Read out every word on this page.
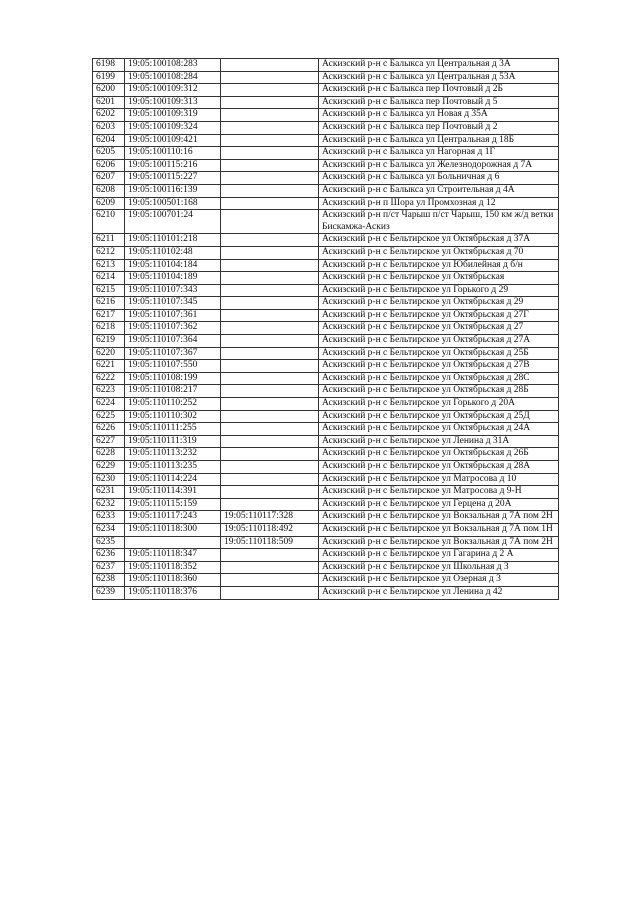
6198	19:05:100108:283		Аскизский р-н с Балыкса ул Центральная д 3А
6199	19:05:100108:284		Аскизский р-н с Балыкса ул Центральная д 53А
6200	19:05:100109:312		Аскизский р-н с Балыкса пер Почтовый д 2Б
6201	19:05:100109:313		Аскизский р-н с Балыкса пер Почтовый д 5
6202	19:05:100109:319		Аскизский р-н с Балыкса ул Новая д 35А
6203	19:05:100109:324		Аскизский р-н с Балыкса пер Почтовый д 2
6204	19:05:100109:421		Аскизский р-н с Балыкса ул Центральная д 18Б
6205	19:05:100110:16		Аскизский р-н с Балыкса ул Нагорная д 1Г
6206	19:05:100115:216		Аскизский р-н с Балыкса ул Железнодорожная д 7А
6207	19:05:100115:227		Аскизский р-н с Балыкса ул Больничная д 6
6208	19:05:100116:139		Аскизский р-н с Балыкса ул Строительная д 4А
6209	19:05:100501:168		Аскизский р-н п Шора ул Промхозная д 12
6210	19:05:100701:24		Аскизский р-н п/ст Чарыш п/ст Чарыш, 150 км ж/д ветки Бискамжа-Аскиз
6211	19:05:110101:218		Аскизский р-н с Бельтирское ул Октябрьская д 37А
6212	19:05:110102:48		Аскизский р-н с Бельтирское ул Октябрьская д 70
6213	19:05:110104:184		Аскизский р-н с Бельтирское ул Юбилейная д б/н
6214	19:05:110104:189		Аскизский р-н с Бельтирское ул Октябрьская
6215	19:05:110107:343		Аскизский р-н с Бельтирское ул Горького д 29
6216	19:05:110107:345		Аскизский р-н с Бельтирское ул Октябрьская д 29
6217	19:05:110107:361		Аскизский р-н с Бельтирское ул Октябрьская д 27Г
6218	19:05:110107:362		Аскизский р-н с Бельтирское ул Октябрьская д 27
6219	19:05:110107:364		Аскизский р-н с Бельтирское ул Октябрьская д 27А
6220	19:05:110107:367		Аскизский р-н с Бельтирское ул Октябрьская д 25Б
6221	19:05:110107:550		Аскизский р-н с Бельтирское ул Октябрьская д 27В
6222	19:05:110108:199		Аскизский р-н с Бельтирское ул Октябрьская д 28С
6223	19:05:110108:217		Аскизский р-н с Бельтирское ул Октябрьская д 28Б
6224	19:05:110110:252		Аскизский р-н с Бельтирское ул Горького д 20А
6225	19:05:110110:302		Аскизский р-н с Бельтирское ул Октябрьская д 25Д
6226	19:05:110111:255		Аскизский р-н с Бельтирское ул Октябрьская д 24А
6227	19:05:110111:319		Аскизский р-н с Бельтирское ул Ленина д 31А
6228	19:05:110113:232		Аскизский р-н с Бельтирское ул Октябрьская д 26Б
6229	19:05:110113:235		Аскизский р-н с Бельтирское ул Октябрьская д 28А
6230	19:05:110114:224		Аскизский р-н с Бельтирское ул Матросова д 10
6231	19:05:110114:391		Аскизский р-н с Бельтирское ул Матросова д 9-Н
6232	19:05:110115:159		Аскизский р-н с Бельтирское ул Герцена д 20А
6233	19:05:110117:243	19:05:110117:328	Аскизский р-н с Бельтирское ул Вокзальная д 7А пом 2Н
6234	19:05:110118:300	19:05:110118:492	Аскизский р-н с Бельтирское ул Вокзальная д 7А пом 1Н
6235		19:05:110118:509	Аскизский р-н с Бельтирское ул Вокзальная д 7А пом 2Н
6236	19:05:110118:347		Аскизский р-н с Бельтирское ул Гагарина д 2 А
6237	19:05:110118:352		Аскизский р-н с Бельтирское ул Школьная д 3
6238	19:05:110118:360		Аскизский р-н с Бельтирское ул Озерная д 3
6239	19:05:110118:376		Аскизский р-н с Бельтирское ул Ленина д 42
